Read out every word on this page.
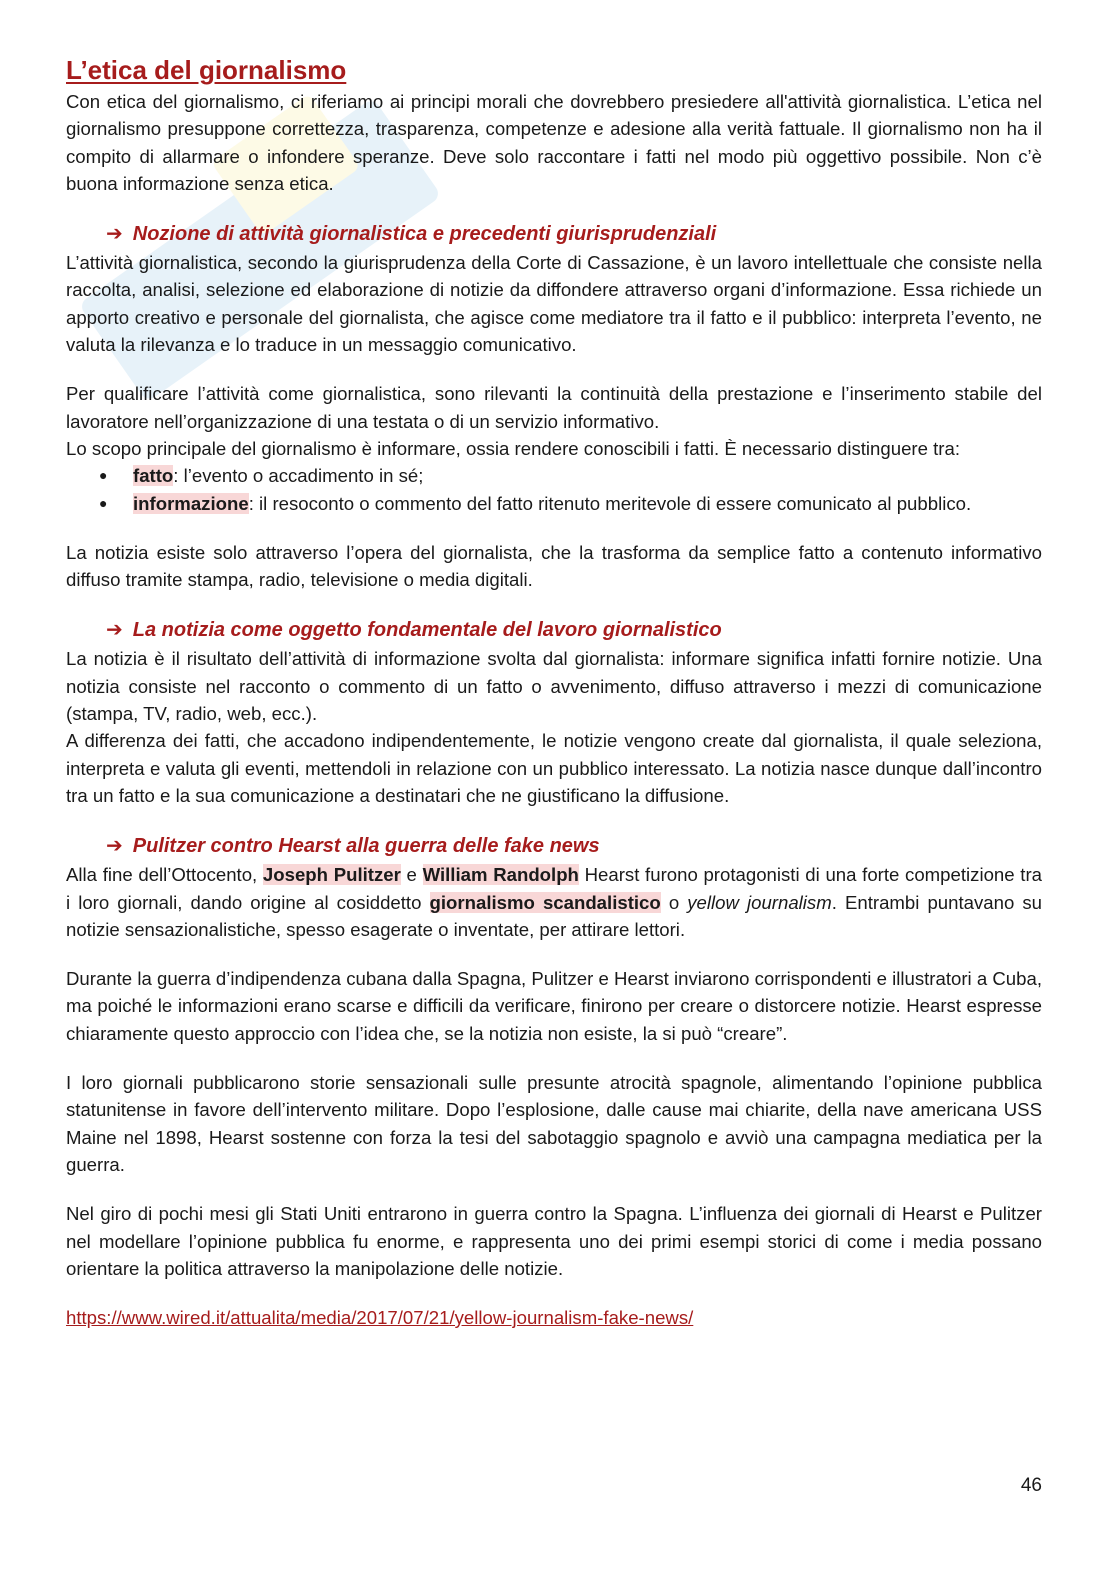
L’etica del giornalismo

Con etica del giornalismo, ci riferiamo ai principi morali che dovrebbero presiedere all'attività giornalistica. L’etica nel giornalismo presuppone correttezza, trasparenza, competenze e adesione alla verità fattuale. Il giornalismo non ha il compito di allarmare o infondere speranze. Deve solo raccontare i fatti nel modo più oggettivo possibile. Non c’è buona informazione senza etica.

➔ Nozione di attività giornalistica e precedenti giurisprudenziali

L’attività giornalistica, secondo la giurisprudenza della Corte di Cassazione, è un lavoro intellettuale che consiste nella raccolta, analisi, selezione ed elaborazione di notizie da diffondere attraverso organi d’informazione. Essa richiede un apporto creativo e personale del giornalista, che agisce come mediatore tra il fatto e il pubblico: interpreta l’evento, ne valuta la rilevanza e lo traduce in un messaggio comunicativo.

Per qualificare l’attività come giornalistica, sono rilevanti la continuità della prestazione e l’inserimento stabile del lavoratore nell’organizzazione di una testata o di un servizio informativo.

Lo scopo principale del giornalismo è informare, ossia rendere conoscibili i fatti. È necessario distinguere tra:

● fatto: l’evento o accadimento in sé;
● informazione: il resoconto o commento del fatto ritenuto meritevole di essere comunicato al pubblico.

La notizia esiste solo attraverso l’opera del giornalista, che la trasforma da semplice fatto a contenuto informativo diffuso tramite stampa, radio, televisione o media digitali.

➔ La notizia come oggetto fondamentale del lavoro giornalistico

La notizia è il risultato dell’attività di informazione svolta dal giornalista: informare significa infatti fornire notizie. Una notizia consiste nel racconto o commento di un fatto o avvenimento, diffuso attraverso i mezzi di comunicazione (stampa, TV, radio, web, ecc.).

A differenza dei fatti, che accadono indipendentemente, le notizie vengono create dal giornalista, il quale seleziona, interpreta e valuta gli eventi, mettendoli in relazione con un pubblico interessato. La notizia nasce dunque dall’incontro tra un fatto e la sua comunicazione a destinatari che ne giustificano la diffusione.

➔ Pulitzer contro Hearst alla guerra delle fake news

Alla fine dell’Ottocento, Joseph Pulitzer e William Randolph Hearst furono protagonisti di una forte competizione tra i loro giornali, dando origine al cosiddetto giornalismo scandalistico o yellow journalism. Entrambi puntavano su notizie sensazionalistiche, spesso esagerate o inventate, per attirare lettori.

Durante la guerra d’indipendenza cubana dalla Spagna, Pulitzer e Hearst inviarono corrispondenti e illustratori a Cuba, ma poiché le informazioni erano scarse e difficili da verificare, finirono per creare o distorcere notizie. Hearst espresse chiaramente questo approccio con l’idea che, se la notizia non esiste, la si può “creare”.

I loro giornali pubblicarono storie sensazionali sulle presunte atrocità spagnole, alimentando l’opinione pubblica statunitense in favore dell’intervento militare. Dopo l’esplosione, dalle cause mai chiarite, della nave americana USS Maine nel 1898, Hearst sostenne con forza la tesi del sabotaggio spagnolo e avviò una campagna mediatica per la guerra.

Nel giro di pochi mesi gli Stati Uniti entrarono in guerra contro la Spagna. L’influenza dei giornali di Hearst e Pulitzer nel modellare l’opinione pubblica fu enorme, e rappresenta uno dei primi esempi storici di come i media possano orientare la politica attraverso la manipolazione delle notizie.

https://www.wired.it/attualita/media/2017/07/21/yellow-journalism-fake-news/
46
